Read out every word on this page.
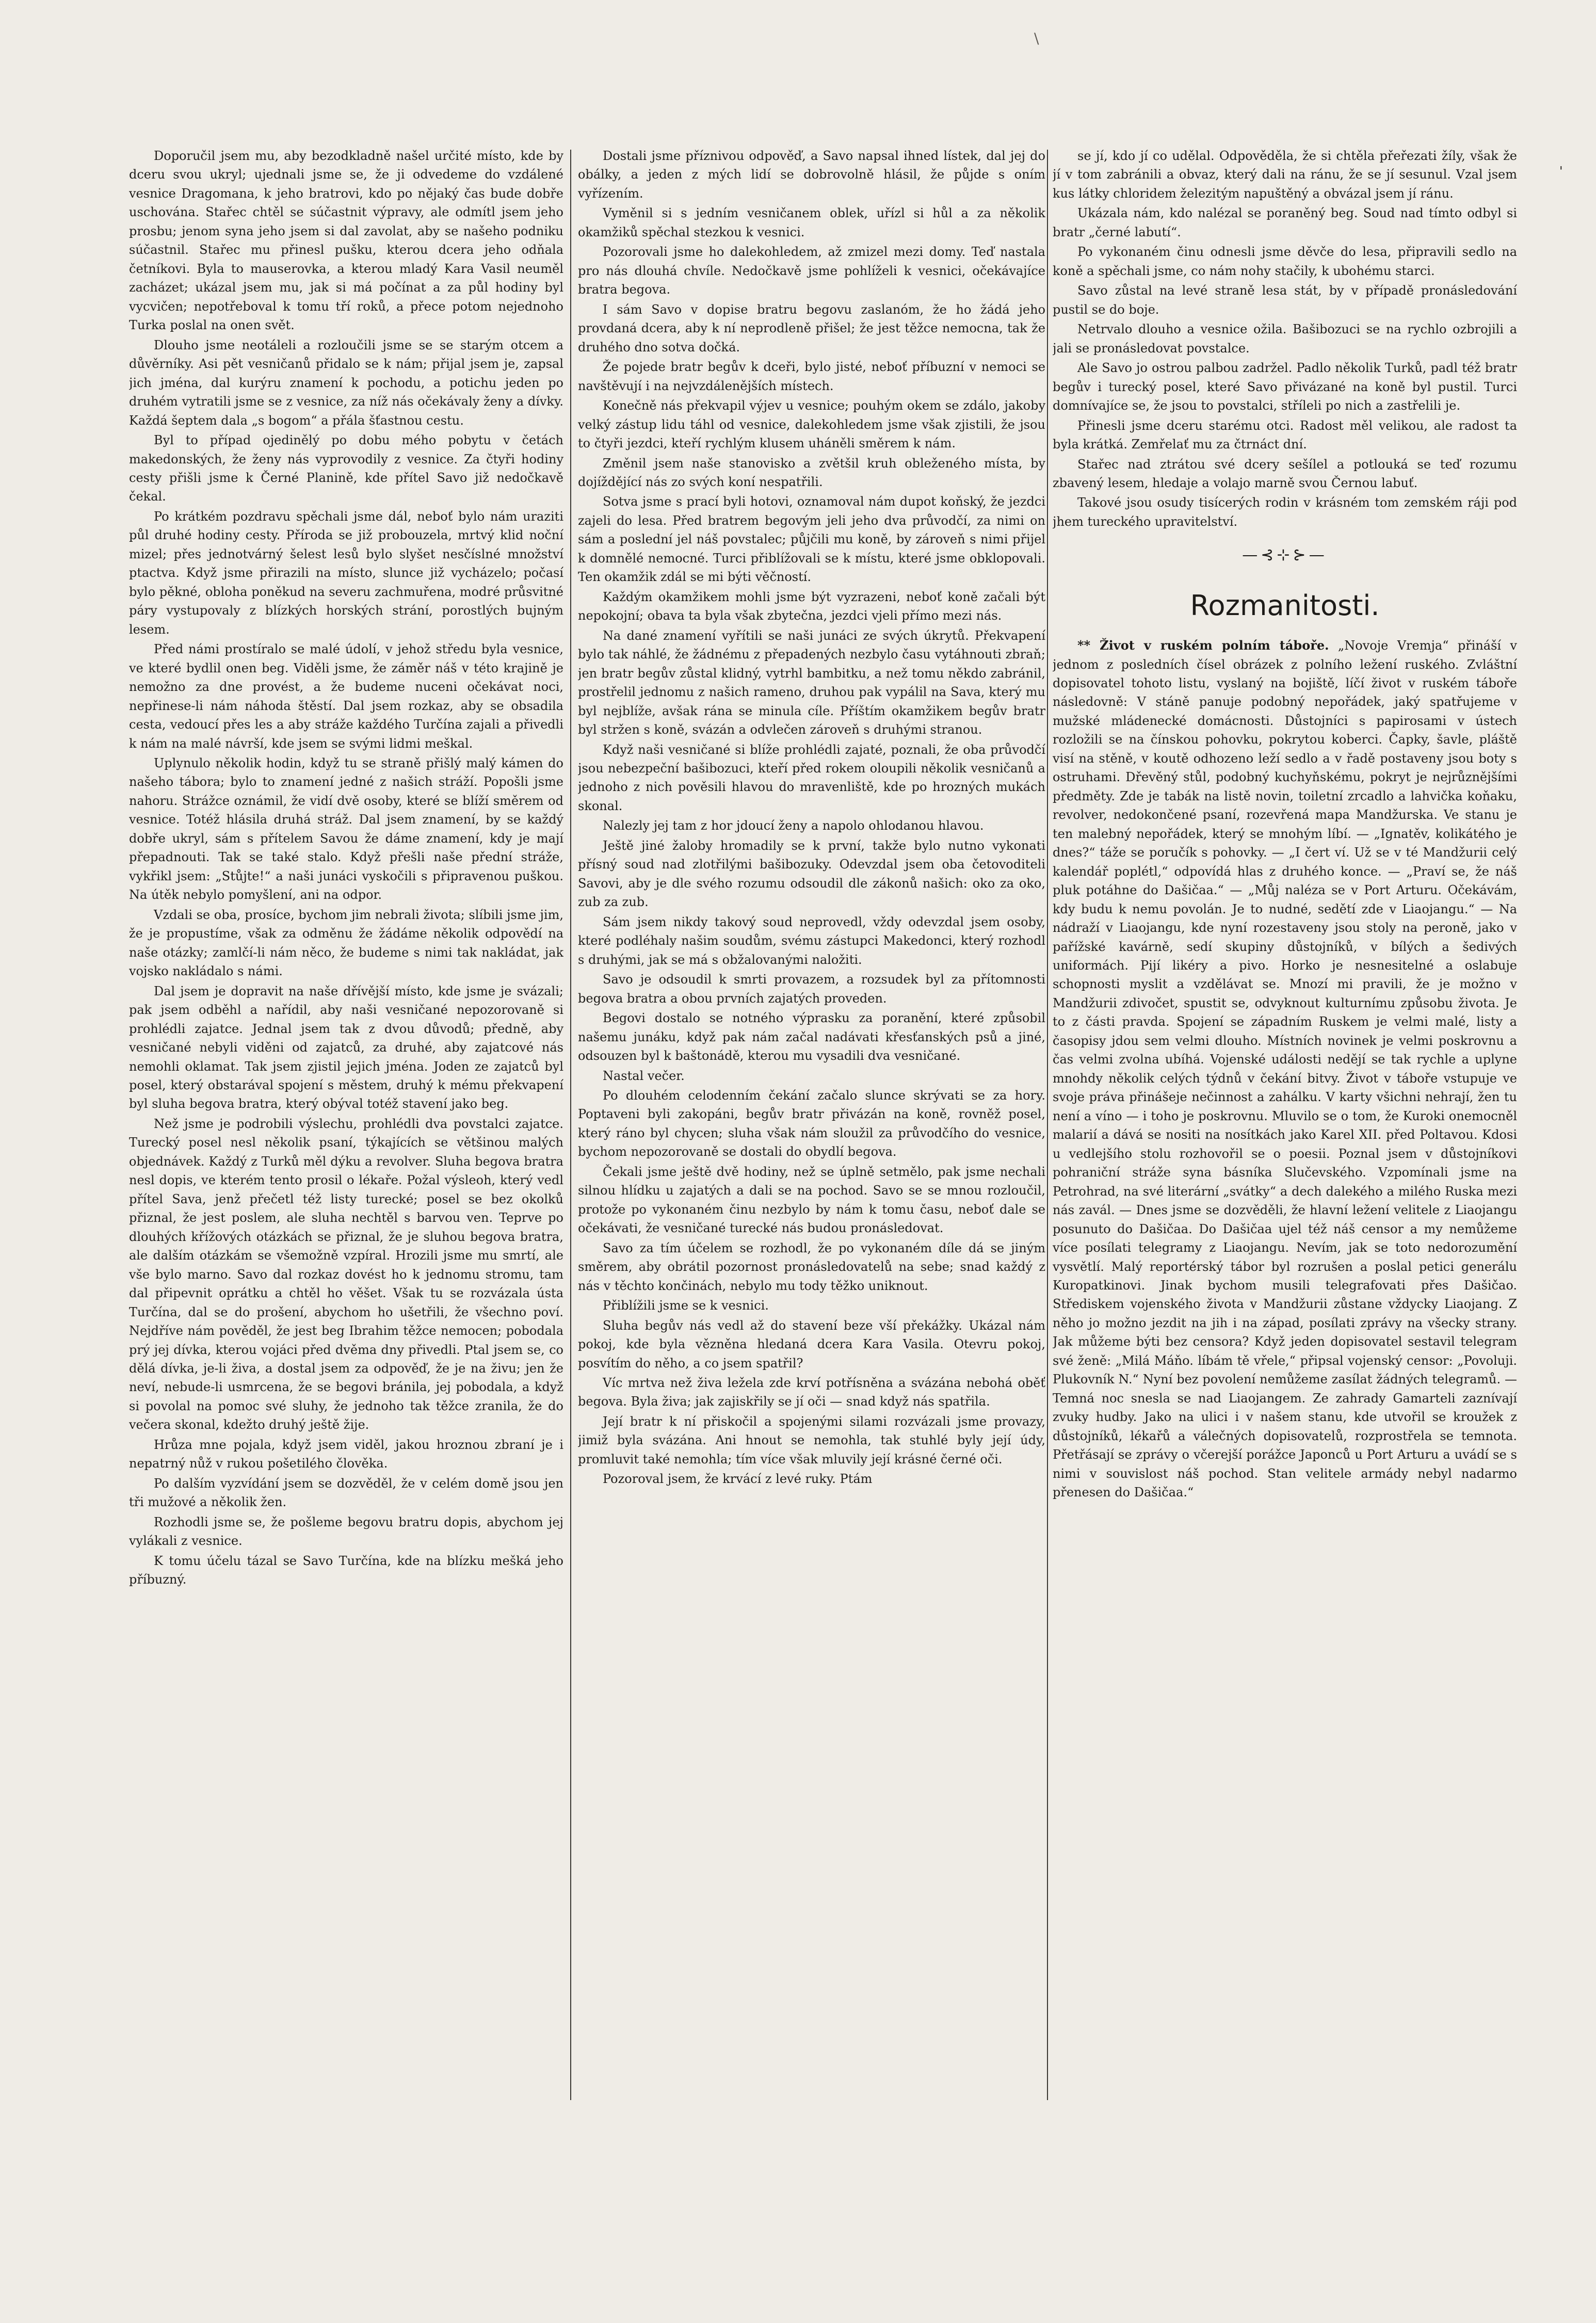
\
'

Doporučil jsem mu, aby bezodkladně našel určité místo, kde by dceru svou ukryl; ujednali jsme se, že ji odvedeme do vzdálené vesnice Dragomana, k jeho bratrovi, kdo po nějaký čas bude dobře uschována. Stařec chtěl se súčastnit výpravy, ale odmítl jsem jeho prosbu; jenom syna jeho jsem si dal zavolat, aby se našeho podniku súčastnil. Stařec mu přinesl pušku, kterou dcera jeho odňala četníkovi. Byla to mauserovka, a kterou mladý Kara Vasil neuměl zacházet; ukázal jsem mu, jak si má počínat a za půl hodiny byl vycvičen; nepotřeboval k tomu tří roků, a přece potom nejednoho Turka poslal na onen svět.

Dlouho jsme neotáleli a rozloučili jsme se se starým otcem a důvěrníky. Asi pět vesničanů přidalo se k nám; přijal jsem je, zapsal jich jména, dal kurýru znamení k pochodu, a potichu jeden po druhém vytratili jsme se z vesnice, za níž nás očekávaly ženy a dívky. Každá šeptem dala „s bogom“ a přála šťastnou cestu.

Byl to případ ojedinělý po dobu mého pobytu v četách makedonských, že ženy nás vyprovodily z vesnice. Za čtyři hodiny cesty přišli jsme k Černé Planině, kde přítel Savo již nedočkavě čekal.

Po krátkém pozdravu spěchali jsme dál, neboť bylo nám uraziti půl druhé hodiny cesty. Příroda se již probouzela, mrtvý klid noční mizel; přes jednotvárný šelest lesů bylo slyšet nesčíslné množství ptactva. Když jsme přirazili na místo, slunce již vycházelo; počasí bylo pěkné, obloha poněkud na severu zachmuřena, modré průsvitné páry vystupovaly z blízkých horských strání, porostlých bujným lesem.

Před námi prostíralo se malé údolí, v jehož středu byla vesnice, ve které bydlil onen beg. Viděli jsme, že záměr náš v této krajině je nemožno za dne provést, a že budeme nuceni očekávat noci, nepřinese-li nám náhoda štěstí. Dal jsem rozkaz, aby se obsadila cesta, vedoucí přes les a aby stráže každého Turčína zajali a přivedli k nám na malé návrší, kde jsem se svými lidmi meškal.

Uplynulo několik hodin, když tu se straně přišlý malý kámen do našeho tábora; bylo to znamení jedné z našich stráží. Popošli jsme nahoru. Strážce oznámil, že vidí dvě osoby, které se blíží směrem od vesnice. Totéž hlásila druhá stráž. Dal jsem znamení, by se každý dobře ukryl, sám s přítelem Savou že dáme znamení, kdy je mají přepadnouti. Tak se také stalo. Když přešli naše přední stráže, vykřikl jsem: „Stůjte!“ a naši junáci vyskočili s připravenou puškou. Na útěk nebylo pomyšlení, ani na odpor.

Vzdali se oba, prosíce, bychom jim nebrali života; slíbili jsme jim, že je propustíme, však za odměnu že žádáme několik odpovědí na naše otázky; zamlčí-li nám něco, že budeme s nimi tak nakládat, jak vojsko nakládalo s námi.

Dal jsem je dopravit na naše dřívější místo, kde jsme je svázali; pak jsem odběhl a nařídil, aby naši vesničané nepozorovaně si prohlédli zajatce. Jednal jsem tak z dvou důvodů; předně, aby vesničané nebyli viděni od zajatců, za druhé, aby zajatcové nás nemohli oklamat. Tak jsem zjistil jejich jména. Joden ze zajatců byl posel, který obstarával spojení s městem, druhý k mému překvapení byl sluha begova bratra, který obýval totéž stavení jako beg.

Než jsme je podrobili výslechu, prohlédli dva povstalci zajatce. Turecký posel nesl několik psaní, týkajících se většinou malých objednávek. Každý z Turků měl dýku a revolver. Sluha begova bratra nesl dopis, ve kterém tento prosil o lékaře. Požal výsleoh, který vedl přítel Sava, jenž přečetl též listy turecké; posel se bez okolků přiznal, že jest poslem, ale sluha nechtěl s barvou ven. Teprve po dlouhých křížových otázkách se přiznal, že je sluhou begova bratra, ale dalším otázkám se všemožně vzpíral. Hrozili jsme mu smrtí, ale vše bylo marno. Savo dal rozkaz dovést ho k jednomu stromu, tam dal připevnit oprátku a chtěl ho věšet. Však tu se rozvázala ústa Turčína, dal se do prošení, abychom ho ušetřili, že všechno poví. Nejdříve nám pověděl, že jest beg Ibrahim těžce nemocen; pobodala prý jej dívka, kterou vojáci před dvěma dny přivedli. Ptal jsem se, co dělá dívka, je-li živa, a dostal jsem za odpověď, že je na živu; jen že neví, nebude-li usmrcena, že se begovi bránila, jej pobodala, a když si povolal na pomoc své sluhy, že jednoho tak těžce zranila, že do večera skonal, kdežto druhý ještě žije.

Hrůza mne pojala, když jsem viděl, jakou hroznou zbraní je i nepatrný nůž v rukou pošetilého člověka.

Po dalším vyzvídání jsem se dozvěděl, že v celém domě jsou jen tři mužové a několik žen.

Rozhodli jsme se, že pošleme begovu bratru dopis, abychom jej vylákali z vesnice.

K tomu účelu tázal se Savo Turčína, kde na blízku mešká jeho příbuzný.

Dostali jsme příznivou odpověď, a Savo napsal ihned lístek, dal jej do obálky, a jeden z mých lidí se dobrovolně hlásil, že půjde s oním vyřízením.

Vyměnil si s jedním vesničanem oblek, uřízl si hůl a za několik okamžiků spěchal stezkou k vesnici.

Pozorovali jsme ho dalekohledem, až zmizel mezi domy. Teď nastala pro nás dlouhá chvíle. Nedočkavě jsme pohlíželi k vesnici, očekávajíce bratra begova.

I sám Savo v dopise bratru begovu zaslanóm, že ho žádá jeho provdaná dcera, aby k ní neprodleně přišel; že jest těžce nemocna, tak že druhého dno sotva dočká.

Že pojede bratr begův k dceři, bylo jisté, neboť příbuzní v nemoci se navštěvují i na nejvzdálenějších místech.

Konečně nás překvapil výjev u vesnice; pouhým okem se zdálo, jakoby velký zástup lidu táhl od vesnice, dalekohledem jsme však zjistili, že jsou to čtyři jezdci, kteří rychlým klusem uháněli směrem k nám.

Změnil jsem naše stanovisko a zvětšil kruh obleženého místa, by dojíždějící nás zo svých koní nespatřili.

Sotva jsme s prací byli hotovi, oznamoval nám dupot koňský, že jezdci zajeli do lesa. Před bratrem begovým jeli jeho dva průvodčí, za nimi on sám a poslední jel náš povstalec; půjčili mu koně, by zároveň s nimi přijel k domnělé nemocné. Turci přiblížovali se k místu, které jsme obklopovali. Ten okamžik zdál se mi býti věčností.

Každým okamžikem mohli jsme být vyzrazeni, neboť koně začali být nepokojní; obava ta byla však zbytečna, jezdci vjeli přímo mezi nás.

Na dané znamení vyřítili se naši junáci ze svých úkrytů. Překvapení bylo tak náhlé, že žádnému z přepadených nezbylo času vytáhnouti zbraň; jen bratr begův zůstal klidný, vytrhl bambitku, a než tomu někdo zabránil, prostřelil jednomu z našich rameno, druhou pak vypálil na Sava, který mu byl nejblíže, avšak rána se minula cíle. Příštím okamžikem begův bratr byl stržen s koně, svázán a odvlečen zároveň s druhými stranou.

Když naši vesničané si blíže prohlédli zajaté, poznali, že oba průvodčí jsou nebezpeční bašibozuci, kteří před rokem oloupili několik vesničanů a jednoho z nich pověsili hlavou do mravenliště, kde po hrozných mukách skonal.

Nalezly jej tam z hor jdoucí ženy a napolo ohlodanou hlavou.

Ještě jiné žaloby hromadily se k první, takže bylo nutno vykonati přísný soud nad zlotřilými bašibozuky. Odevzdal jsem oba četovoditeli Savovi, aby je dle svého rozumu odsoudil dle zákonů našich: oko za oko, zub za zub.

Sám jsem nikdy takový soud neprovedl, vždy odevzdal jsem osoby, které podléhaly našim soudům, svému zástupci Makedonci, který rozhodl s druhými, jak se má s obžalovanými naložiti.

Savo je odsoudil k smrti provazem, a rozsudek byl za přítomnosti begova bratra a obou prvních zajatých proveden.

Begovi dostalo se notného výprasku za poranění, které způsobil našemu junáku, když pak nám začal nadávati křesťanských psů a jiné, odsouzen byl k baštonádě, kterou mu vysadili dva vesničané.

Nastal večer.

Po dlouhém celodenním čekání začalo slunce skrývati se za hory. Poptaveni byli zakopáni, begův bratr přivázán na koně, rovněž posel, který ráno byl chycen; sluha však nám sloužil za průvodčího do vesnice, bychom nepozorovaně se dostali do obydlí begova.

Čekali jsme ještě dvě hodiny, než se úplně setmělo, pak jsme nechali silnou hlídku u zajatých a dali se na pochod. Savo se se mnou rozloučil, protože po vykonaném činu nezbylo by nám k tomu času, neboť dale se očekávati, že vesničané turecké nás budou pronásledovat.

Savo za tím účelem se rozhodl, že po vykonaném díle dá se jiným směrem, aby obrátil pozornost pronásledovatelů na sebe; snad každý z nás v těchto končinách, nebylo mu tody těžko uniknout.

Přiblížili jsme se k vesnici.

Sluha begův nás vedl až do stavení beze vší překážky. Ukázal nám pokoj, kde byla vězněna hledaná dcera Kara Vasila. Otevru pokoj, posvítím do něho, a co jsem spatřil?

Víc mrtva než živa ležela zde krví potřísněna a svázána nebohá oběť begova. Byla živa; jak zajiskřily se jí oči — snad když nás spatřila.

Její bratr k ní přiskočil a spojenými silami rozvázali jsme provazy, jimiž byla svázána. Ani hnout se nemohla, tak stuhlé byly její údy, promluvit také nemohla; tím více však mluvily její krásné černé oči.

Pozoroval jsem, že krvácí z levé ruky. Ptám

se jí, kdo jí co udělal. Odpověděla, že si chtěla přeřezati žíly, však že jí v tom zabránili a obvaz, který dali na ránu, že se jí sesunul. Vzal jsem kus látky chloridem železitým napuštěný a obvázal jsem jí ránu.

Ukázala nám, kdo nalézal se poraněný beg. Soud nad tímto odbyl si bratr „černé labutí“.

Po vykonaném činu odnesli jsme děvče do lesa, připravili sedlo na koně a spěchali jsme, co nám nohy stačily, k ubohému starci.

Savo zůstal na levé straně lesa stát, by v případě pronásledování pustil se do boje.

Netrvalo dlouho a vesnice ožila. Bašibozuci se na rychlo ozbrojili a jali se pronásledovat povstalce.

Ale Savo jo ostrou palbou zadržel. Padlo několik Turků, padl též bratr begův i turecký posel, které Savo přivázané na koně byl pustil. Turci domnívajíce se, že jsou to povstalci, stříleli po nich a zastřelili je.

Přinesli jsme dceru starému otci. Radost měl velikou, ale radost ta byla krátká. Zemřelať mu za čtrnáct dní.

Stařec nad ztrátou své dcery sešílel a potlouká se teď rozumu zbavený lesem, hledaje a volajo marně svou Černou labuť.

Takové jsou osudy tisícerých rodin v krásném tom zemském ráji pod jhem tureckého upravitelství.

—⊰⊹⊱—
Rozmanitosti.

** Život v ruském polním táboře. „Novoje Vremja“ přináší v jednom z posledních čísel obrázek z polního ležení ruského. Zvláštní dopisovatel tohoto listu, vyslaný na bojiště, líčí život v ruském táboře následovně: V stáně panuje podobný nepořádek, jaký spatřujeme v mužské mládenecké domácnosti. Důstojníci s papirosami v ústech rozložili se na čínskou pohovku, pokrytou koberci. Čapky, šavle, pláště visí na stěně, v koutě odhozeno leží sedlo a v řadě postaveny jsou boty s ostruhami. Dřevěný stůl, podobný kuchyňskému, pokryt je nejrůznějšími předměty. Zde je tabák na listě novin, toiletní zrcadlo a lahvička koňaku, revolver, nedokončené psaní, rozevřená mapa Mandžurska. Ve stanu je ten malebný nepořádek, který se mnohým líbí. — „Ignatěv, kolikátého je dnes?“ táže se poručík s pohovky. — „I čert ví. Už se v té Mandžurii celý kalendář poplétl,“ odpovídá hlas z druhého konce. — „Praví se, že náš pluk potáhne do Dašičaa.“ — „Můj naléza se v Port Arturu. Očekávám, kdy budu k nemu povolán. Je to nudné, sedětí zde v Liaojangu.“ — Na nádraží v Liaojangu, kde nyní rozestaveny jsou stoly na peroně, jako v pařížské kavárně, sedí skupiny důstojníků, v bílých a šedivých uniformách. Pijí likéry a pivo. Horko je nesnesitelné a oslabuje schopnosti myslit a vzdělávat se. Mnozí mi pravili, že je možno v Mandžurii zdivočet, spustit se, odvyknout kulturnímu způsobu života. Je to z části pravda. Spojení se západním Ruskem je velmi malé, listy a časopisy jdou sem velmi dlouho. Místních novinek je velmi poskrovnu a čas velmi zvolna ubíhá. Vojenské události nedějí se tak rychle a uplyne mnohdy několik celých týdnů v čekání bitvy. Život v táboře vstupuje ve svoje práva přinášeje nečinnost a zahálku. V karty všichni nehrají, žen tu není a víno — i toho je poskrovnu. Mluvilo se o tom, že Kuroki onemocněl malarií a dává se nositi na nosítkách jako Karel XII. před Poltavou. Kdosi u vedlejšího stolu rozhovořil se o poesii. Poznal jsem v důstojníkovi pohraniční stráže syna básníka Slučevského. Vzpomínali jsme na Petrohrad, na své literární „svátky“ a dech dalekého a milého Ruska mezi nás zavál. — Dnes jsme se dozvěděli, že hlavní ležení velitele z Liaojangu posunuto do Dašičaa. Do Dašičaa ujel též náš censor a my nemůžeme více posílati telegramy z Liaojangu. Nevím, jak se toto nedorozumění vysvětlí. Malý reportérský tábor byl rozrušen a poslal petici generálu Kuropatkinovi. Jinak bychom musili telegrafovati přes Dašičao. Střediskem vojenského života v Mandžurii zůstane vždycky Liaojang. Z něho jo možno jezdit na jih i na západ, posílati zprávy na všecky strany. Jak můžeme býti bez censora? Když jeden dopisovatel sestavil telegram své ženě: „Milá Máňo. líbám tě vřele,“ připsal vojenský censor: „Povoluji. Plukovník N.“ Nyní bez povolení nemůžeme zasílat žádných telegramů. — Temná noc snesla se nad Liaojangem. Ze zahrady Gamarteli zaznívají zvuky hudby. Jako na ulici i v našem stanu, kde utvořil se kroužek z důstojníků, lékařů a válečných dopisovatelů, rozprostřela se temnota. Přetřásají se zprávy o včerejší porážce Japonců u Port Arturu a uvádí se s nimi v souvislost náš pochod. Stan velitele armády nebyl nadarmo přenesen do Dašičaa.“
